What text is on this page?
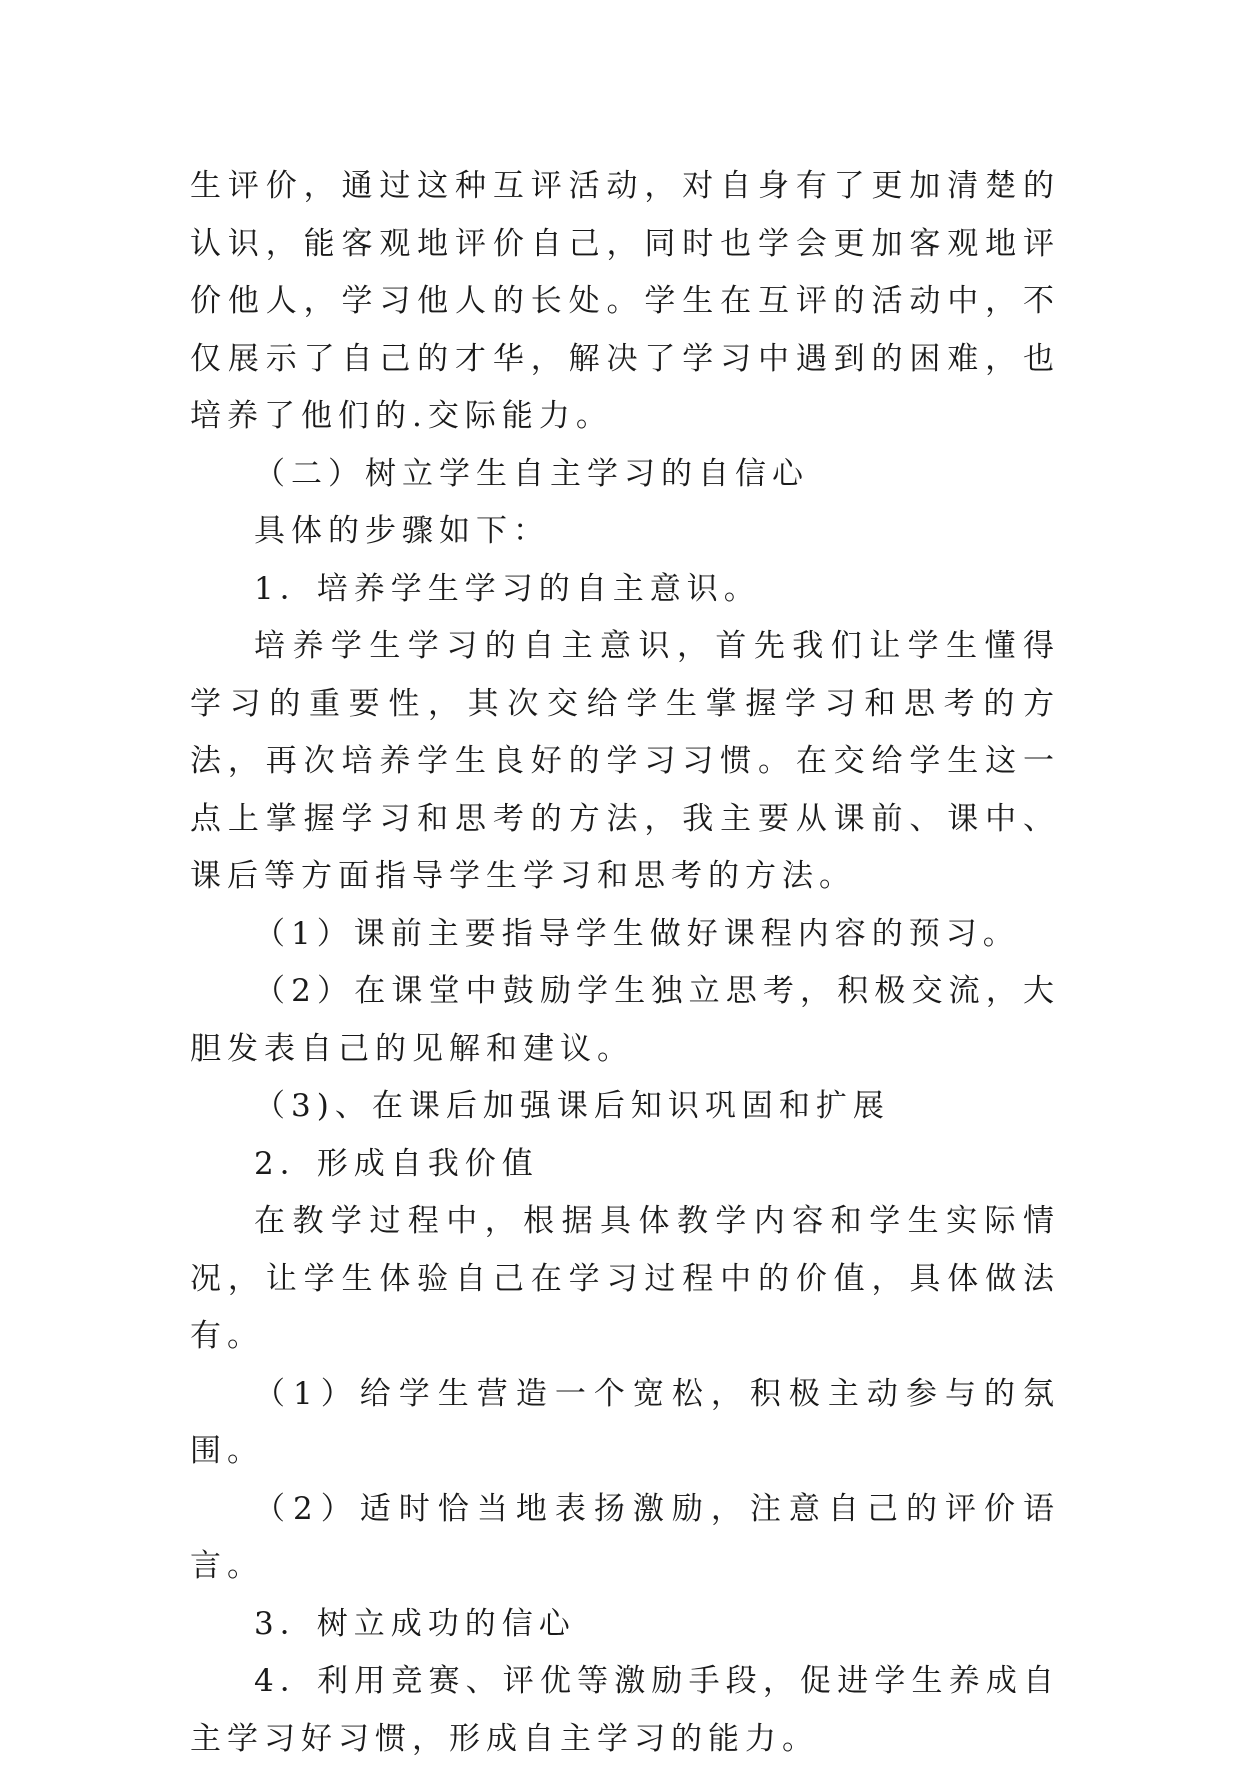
生评价，通过这种互评活动，对自身有了更加清楚的认识，能客观地评价自己，同时也学会更加客观地评价他人，学习他人的长处。学生在互评的活动中，不仅展示了自己的才华，解决了学习中遇到的困难，也培养了他们的.交际能力。

（二）树立学生自主学习的自信心

具体的步骤如下：

1．培养学生学习的自主意识。

培养学生学习的自主意识，首先我们让学生懂得学习的重要性，其次交给学生掌握学习和思考的方法，再次培养学生良好的学习习惯。在交给学生这一点上掌握学习和思考的方法，我主要从课前、课中、课后等方面指导学生学习和思考的方法。

（1）课前主要指导学生做好课程内容的预习。

（2）在课堂中鼓励学生独立思考，积极交流，大胆发表自己的见解和建议。

（3)、在课后加强课后知识巩固和扩展

2．形成自我价值

在教学过程中，根据具体教学内容和学生实际情况，让学生体验自己在学习过程中的价值，具体做法有。

（1）给学生营造一个宽松，积极主动参与的氛围。

（2）适时恰当地表扬激励，注意自己的评价语言。

3．树立成功的信心

4．利用竞赛、评优等激励手段，促进学生养成自主学习好习惯，形成自主学习的能力。
